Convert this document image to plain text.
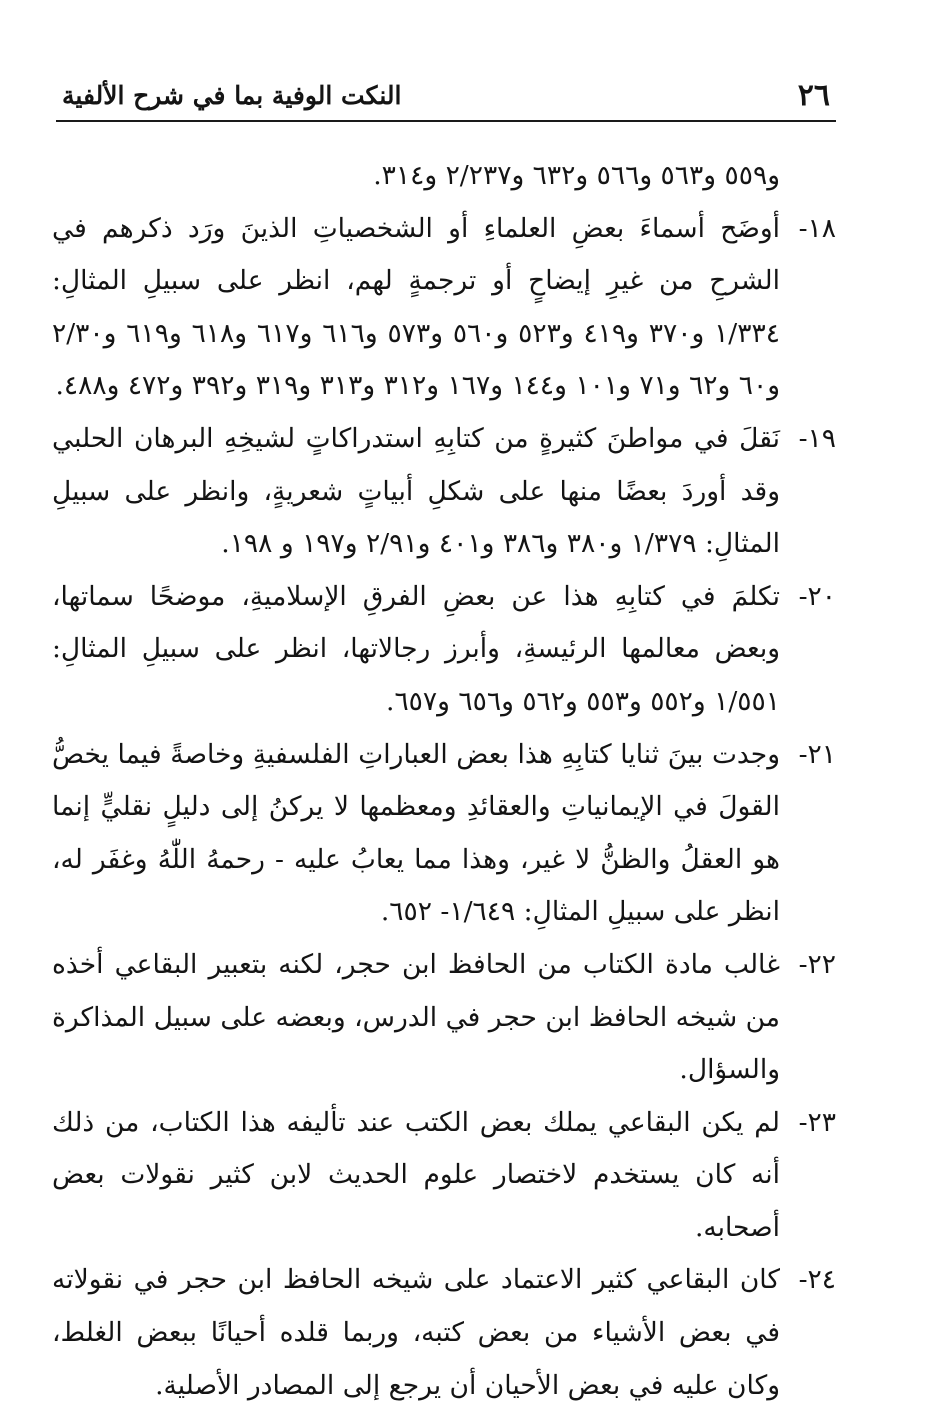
٢٦
النكت الوفية بما في شرح الألفية
و٥٥٩ و٥٦٣ و٥٦٦ و٦٣٢ و٢/٢٣٧ و٣١٤.
١٨-
أوضَح أسماءَ بعضِ العلماءِ أو الشخصياتِ الذينَ ورَد ذكرهم في الشرحِ من غيرِ إيضاحٍ أو ترجمةٍ لهم، انظر على سبيلِ المثالِ: ١/٣٣٤ و٣٧٠ و٤١٩ و٥٢٣ و٥٦٠ و٥٧٣ و٦١٦ و٦١٧ و٦١٨ و٦١٩ و٢/٣٠ و٦٠ و٦٢ و٧١ و١٠١ و١٤٤ و١٦٧ و٣١٢ و٣١٣ و٣١٩ و٣٩٢ و٤٧٢ و٤٨٨.
١٩-
نَقلَ في مواطنَ كثيرةٍ من كتابِهِ استدراكاتٍ لشيخِهِ البرهان الحلبي وقد أوردَ بعضًا منها على شكلِ أبياتٍ شعريةٍ، وانظر على سبيلِ المثالِ: ١/٣٧٩ و٣٨٠ و٣٨٦ و٤٠١ و٢/٩١ و١٩٧ و ١٩٨.
٢٠-
تكلمَ في كتابِهِ هذا عن بعضِ الفرقِ الإسلاميةِ، موضحًا سماتها، وبعض معالمها الرئيسةِ، وأبرز رجالاتها، انظر على سبيلِ المثالِ: ١/٥٥١ و٥٥٢ و٥٥٣ و٥٦٢ و٦٥٦ و٦٥٧.
٢١-
وجدت بينَ ثنايا كتابِهِ هذا بعض العباراتِ الفلسفيةِ وخاصةً فيما يخصُّ القولَ في الإيمانياتِ والعقائدِ ومعظمها لا يركنُ إلى دليلٍ نقليٍّ إنما هو العقلُ والظنُّ لا غير، وهذا مما يعابُ عليه - رحمهُ اللّٰهُ وغفَر له، انظر على سبيلِ المثالِ: ١/٦٤٩- ٦٥٢.
٢٢-
غالب مادة الكتاب من الحافظ ابن حجر، لكنه بتعبير البقاعي أخذه من شيخه الحافظ ابن حجر في الدرس، وبعضه على سبيل المذاكرة والسؤال.
٢٣-
لم يكن البقاعي يملك بعض الكتب عند تأليفه هذا الكتاب، من ذلك أنه كان يستخدم لاختصار علوم الحديث لابن كثير نقولات بعض أصحابه.
٢٤-
كان البقاعي كثير الاعتماد على شيخه الحافظ ابن حجر في نقولاته في بعض الأشياء من بعض كتبه، وربما قلده أحيانًا ببعض الغلط، وكان عليه في بعض الأحيان أن يرجع إلى المصادر الأصلية.
